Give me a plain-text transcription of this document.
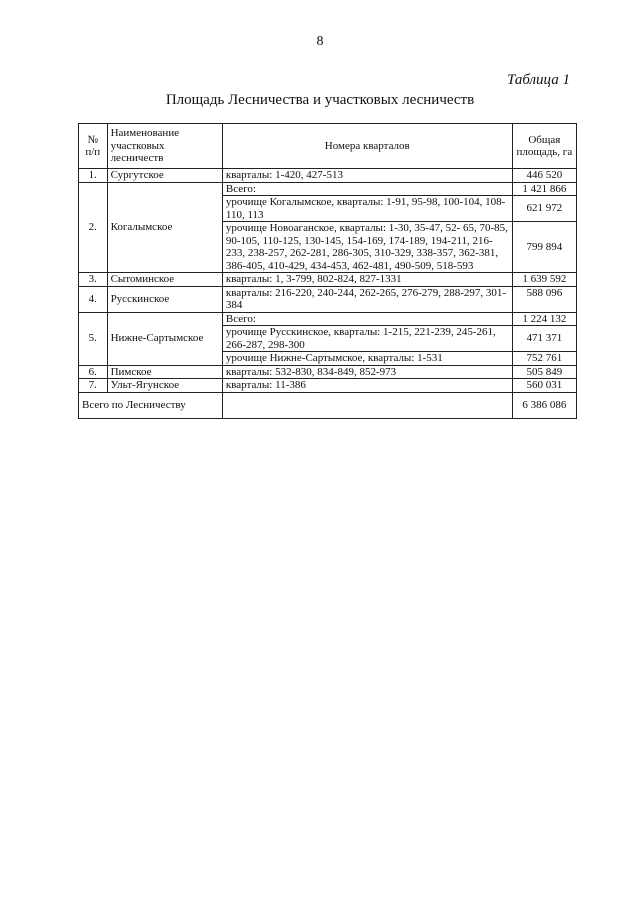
8
Таблица 1
Площадь Лесничества и участковых лесничеств
№ п/п	Наименование участковых лесничеств	Номера кварталов	Общая площадь, га
1.	Сургутское	кварталы: 1-420, 427-513	446 520
2.	Когалымское	Всего:	1 421 866
		урочище Когалымское, кварталы: 1-91, 95-98, 100-104, 108-110, 113	621 972
		урочище Новоаганское, кварталы: 1-30, 35-47, 52- 65, 70-85, 90-105, 110-125, 130-145, 154-169, 174-189, 194-211, 216-233, 238-257, 262-281, 286-305, 310-329, 338-357, 362-381, 386-405, 410-429, 434-453, 462-481, 490-509, 518-593	799 894
3.	Сытоминское	кварталы: 1, 3-799, 802-824, 827-1331	1 639 592
4.	Русскинское	кварталы: 216-220, 240-244, 262-265, 276-279, 288-297, 301-384	588 096
5.	Нижне-Сартымское	Всего:	1 224 132
		урочище Русскинское, кварталы: 1-215, 221-239, 245-261, 266-287, 298-300	471 371
		урочище Нижне-Сартымское, кварталы: 1-531	752 761
6.	Пимское	кварталы: 532-830, 834-849, 852-973	505 849
7.	Ульт-Ягунское	кварталы: 11-386	560 031
Всего по Лесничеству			6 386 086
